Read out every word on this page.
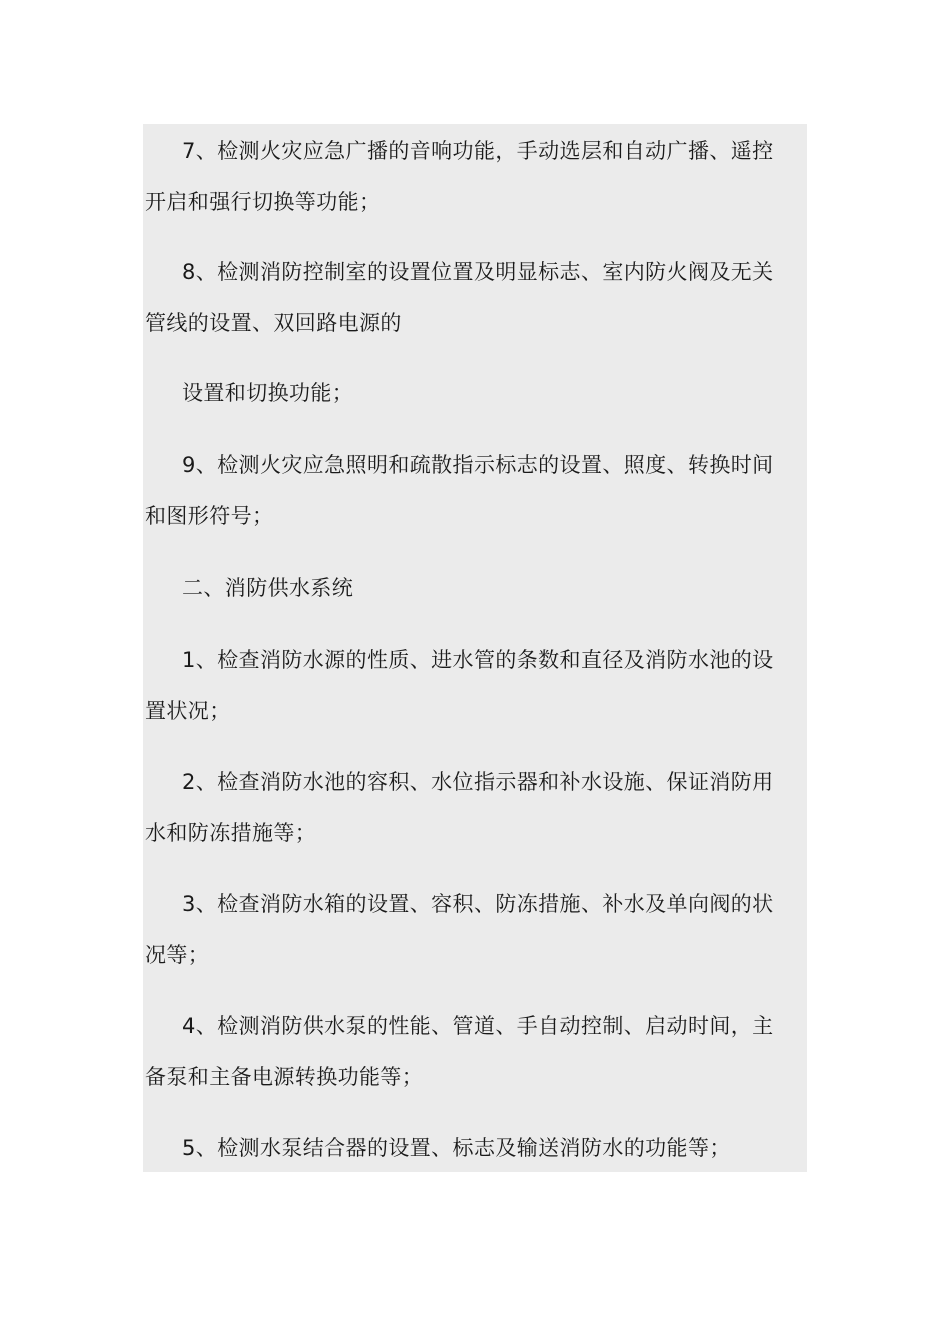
7、检测火灾应急广播的音响功能，手动选层和自动广播、遥控
开启和强行切换等功能；
8、检测消防控制室的设置位置及明显标志、室内防火阀及无关
管线的设置、双回路电源的
设置和切换功能；
9、检测火灾应急照明和疏散指示标志的设置、照度、转换时间
和图形符号；
二、消防供水系统
1、检查消防水源的性质、进水管的条数和直径及消防水池的设
置状况；
2、检查消防水池的容积、水位指示器和补水设施、保证消防用
水和防冻措施等；
3、检查消防水箱的设置、容积、防冻措施、补水及单向阀的状
况等；
4、检测消防供水泵的性能、管道、手自动控制、启动时间，主
备泵和主备电源转换功能等；
5、检测水泵结合器的设置、标志及输送消防水的功能等；
